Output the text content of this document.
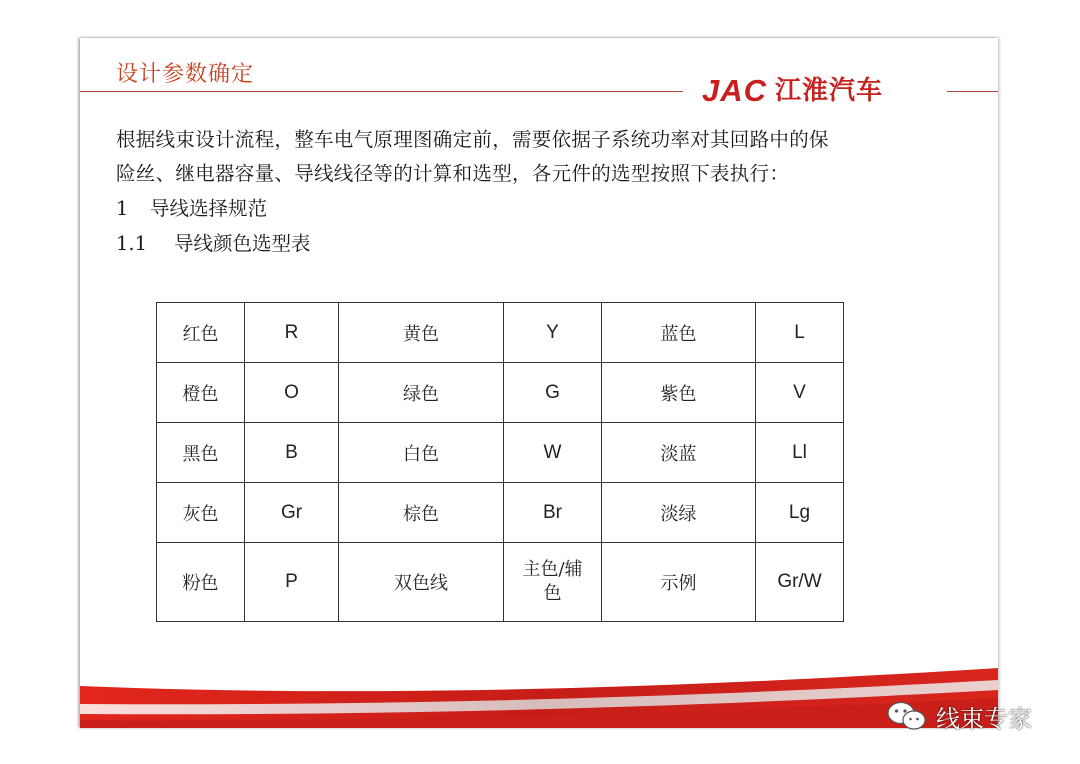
设计参数确定	JAC 江淮汽车
根据线束设计流程，整车电气原理图确定前，需要依据子系统功率对其回路中的保
险丝、继电器容量、导线线径等的计算和选型，各元件的选型按照下表执行：
1 导线选择规范
1.1 导线颜色选型表
红色	R	黄色	Y	蓝色	L
橙色	O	绿色	G	紫色	V
黑色	B	白色	W	淡蓝	Ll
灰色	Gr	棕色	Br	淡绿	Lg
粉色	P	双色线	主色/辅色	示例	Gr/W
线束专家
